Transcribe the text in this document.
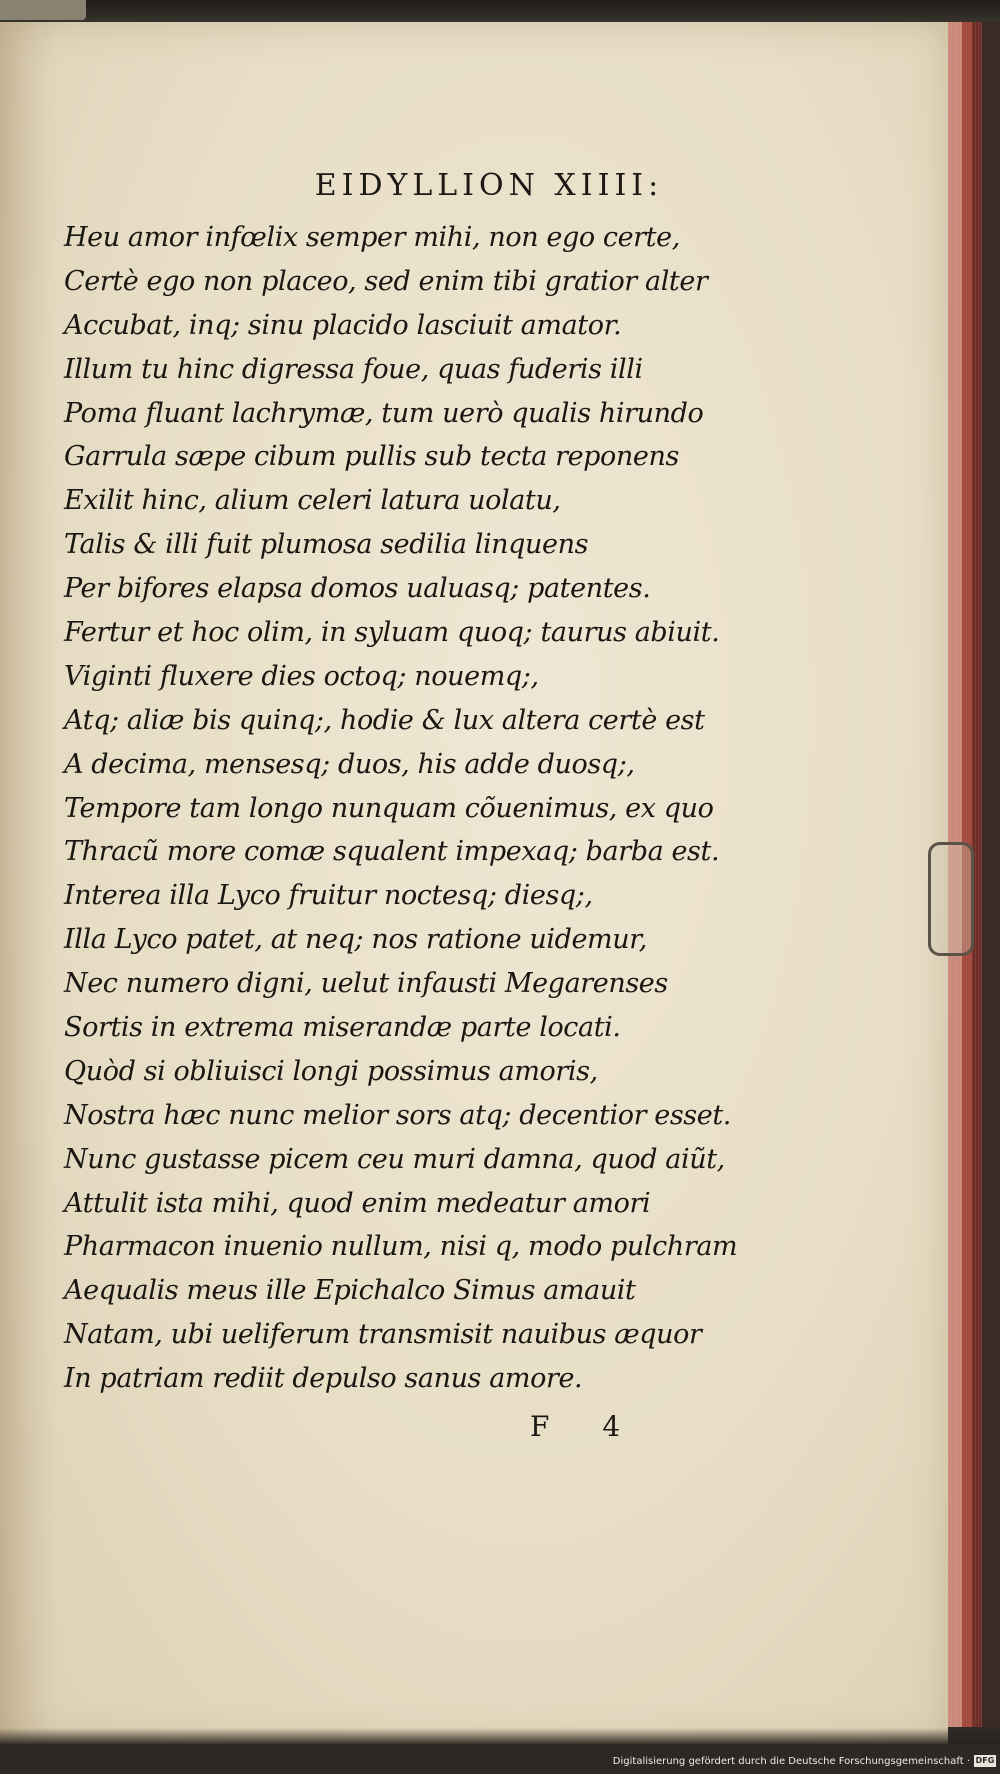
EIDYLLION XIIII:
Heu amor infœlix semper mihi, non ego certe,
Certè ego non placeo, sed enim tibi gratior alter
Accubat, inq; sinu placido lasciuit amator.
Illum tu hinc digressa foue, quas fuderis illi
Poma fluant lachrymæ, tum uerò qualis hirundo
Garrula sæpe cibum pullis sub tecta reponens
Exilit hinc, alium celeri latura uolatu,
Talis & illi fuit plumosa sedilia linquens
Per bifores elapsa domos ualuasq; patentes.
Fertur et hoc olim, in syluam quoq; taurus abiuit.
Viginti fluxere dies octoq; nouemq;,
Atq; aliæ bis quinq;, hodie & lux altera certè est
A decima, mensesq; duos, his adde duosq;,
Tempore tam longo nunquam cõuenimus, ex quo
Thracũ more comæ squalent impexaq; barba est.
Interea illa Lyco fruitur noctesq; diesq;,
Illa Lyco patet, at neq; nos ratione uidemur,
Nec numero digni, uelut infausti Megarenses
Sortis in extrema miserandæ parte locati.
Quòd si obliuisci longi possimus amoris,
Nostra hæc nunc melior sors atq; decentior esset.
Nunc gustasse picem ceu muri damna, quod aiũt,
Attulit ista mihi, quod enim medeatur amori
Pharmacon inuenio nullum, nisi q, modo pulchram
Aequalis meus ille Epichalco Simus amauit
Natam, ubi ueliferum transmisit nauibus æquor
In patriam rediit depulso sanus amore.
F 4
Digitalisierung gefördert durch die Deutsche Forschungsgemeinschaft · DFG
